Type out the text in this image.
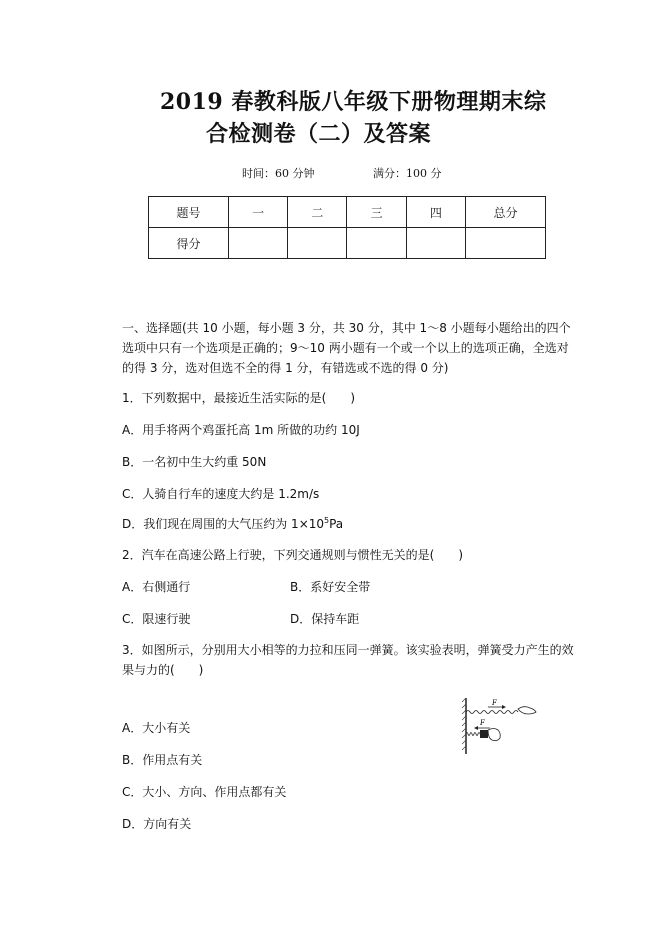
2019 春教科版八年级下册物理期末综
合检测卷（二）及答案
时间：60 分钟	满分：100 分
题号	一	二	三	四	总分
得分					
一、选择题(共 10 小题，每小题 3 分，共 30 分，其中 1～8 小题每小题给出的四个选项中只有一个选项是正确的；9～10 两小题有一个或一个以上的选项正确，全选对的得 3 分，选对但选不全的得 1 分，有错选或不选的得 0 分)
1．下列数据中，最接近生活实际的是(　　)
A．用手将两个鸡蛋托高 1m 所做的功约 10J
B．一名初中生大约重 50N
C．人骑自行车的速度大约是 1.2m/s
D．我们现在周围的大气压约为 $1\times 10^5Pa$
2．汽车在高速公路上行驶，下列交通规则与惯性无关的是(　　)
A．右侧通行	B．系好安全带
C．限速行驶	D．保持车距
3．如图所示，分别用大小相等的力拉和压同一弹簧。该实验表明，弹簧受力产生的效果与力的(　　)
A．大小有关
B．作用点有关
C．大小、方向、作用点都有关
D．方向有关
F
F
